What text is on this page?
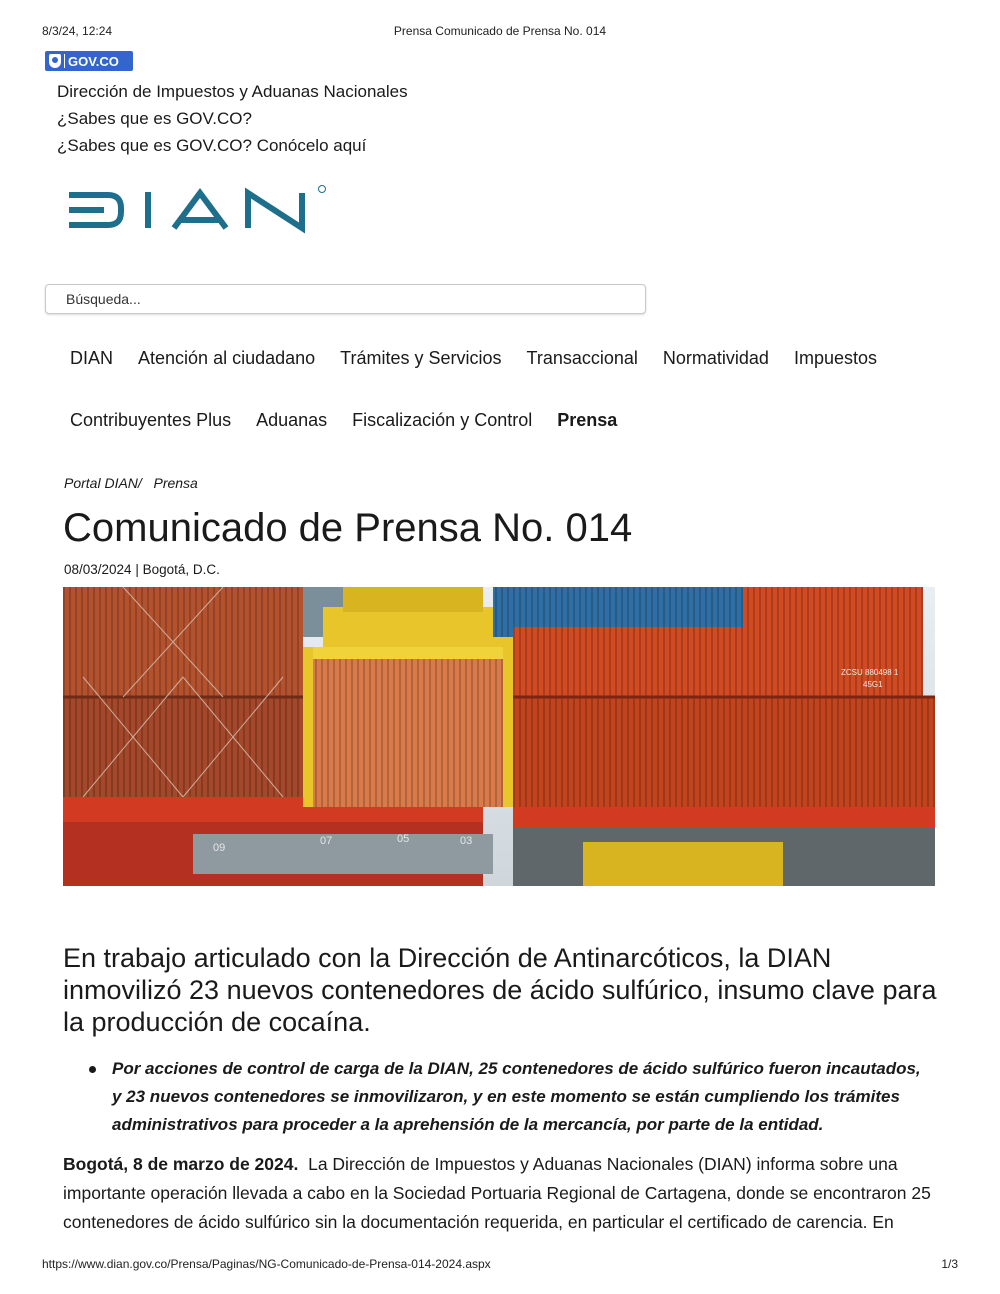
8/3/24, 12:24	Prensa Comunicado de Prensa No. 014
GOV.CO
Dirección de Impuestos y Aduanas Nacionales
¿Sabes que es GOV.CO?
¿Sabes que es GOV.CO? Conócelo aquí
Búsqueda...
DIAN Atención al ciudadano Trámites y Servicios Transaccional Normatividad Impuestos
Contribuyentes Plus Aduanas Fiscalización y Control Prensa
Portal DIAN/ Prensa
Comunicado de Prensa No. 014
08/03/2024 | Bogotá, D.C.
ZCSU 880498 1
45G1
09
07	05	03
En trabajo articulado con la Dirección de Antinarcóticos, la DIAN inmovilizó 23 nuevos contenedores de ácido sulfúrico, insumo clave para la producción de cocaína.
Por acciones de control de carga de la DIAN, 25 contenedores de ácido sulfúrico fueron incautados, y 23 nuevos contenedores se inmovilizaron, y en este momento se están cumpliendo los trámites administrativos para proceder a la aprehensión de la mercancía, por parte de la entidad.
Bogotá, 8 de marzo de 2024. La Dirección de Impuestos y Aduanas Nacionales (DIAN) informa sobre una importante operación llevada a cabo en la Sociedad Portuaria Regional de Cartagena, donde se encontraron 25 contenedores de ácido sulfúrico sin la documentación requerida, en particular el certificado de carencia. En
https://www.dian.gov.co/Prensa/Paginas/NG-Comunicado-de-Prensa-014-2024.aspx	1/3
